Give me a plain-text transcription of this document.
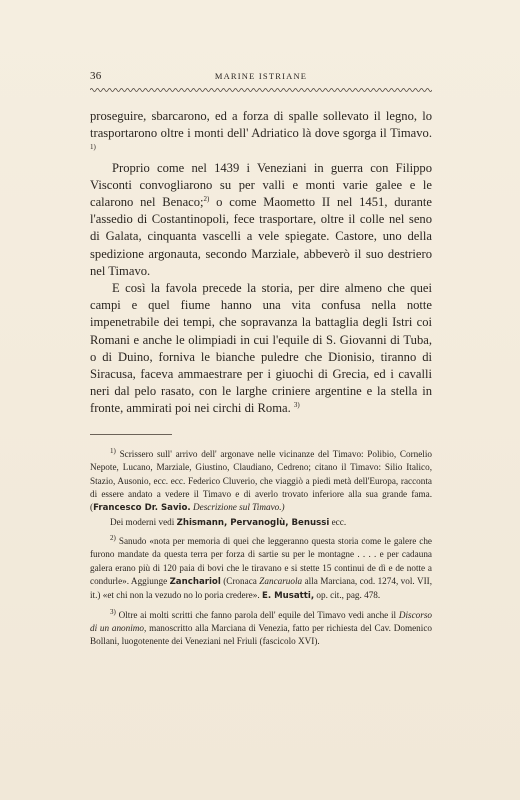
36	MARINE ISTRIANE

proseguire, sbarcarono, ed a forza di spalle sollevato il legno, lo trasportarono oltre i monti dell' Adriatico là dove sgorga il Timavo. $^{1)}$

Proprio come nel 1439 i Veneziani in guerra con Filippo Visconti convogliarono su per valli e monti varie galee e le calarono nel Benaco;$^{2)}$ o come Maometto II nel 1451, durante l'assedio di Costantinopoli, fece trasportare, oltre il colle nel seno di Galata, cinquanta vascelli a vele spiegate. Castore, uno della spedizione argonauta, secondo Marziale, abbeverò il suo destriero nel Timavo.

E così la favola precede la storia, per dire almeno che quei campi e quel fiume hanno una vita confusa nella notte impenetrabile dei tempi, che sopravanza la battaglia degli Istri coi Romani e anche le olimpiadi in cui l'equile di S. Giovanni di Tuba, o di Duino, forniva le bianche puledre che Dionisio, tiranno di Siracusa, faceva ammaestrare per i giuochi di Grecia, ed i cavalli neri dal pelo rasato, con le larghe criniere argentine e la stella in fronte, ammirati poi nei circhi di Roma. $^{3)}$

$^{1)}$ Scrissero sull' arrivo dell' argonave nelle vicinanze del Timavo: Polibio, Cornelio Nepote, Lucano, Marziale, Giustino, Claudiano, Cedreno; citano il Timavo: Silio Italico, Stazio, Ausonio, ecc. ecc. Federico Cluverio, che viaggiò a piedi metà dell'Europa, racconta di essere andato a vedere il Timavo e di averlo trovato inferiore alla sua grande fama. (Francesco Dr. Savio. Descrizione sul Timavo.)

Dei moderni vedi Zhismann, Pervanoglù, Benussi ecc.

$^{2)}$ Sanudo «nota per memoria di quei che leggeranno questa storia come le galere che furono mandate da questa terra per forza di sartie su per le montagne . . . . e per cadauna galera erano più di 120 paia di bovi che le tiravano e si stette 15 continui de dì e de notte a condurle». Aggiunge Zanchariol (Cronaca Zancaruola alla Marciana, cod. 1274, vol. VII, it.) «et chi non la vezudo no lo poria credere». E. Musatti, op. cit., pag. 478.

$^{3)}$ Oltre ai molti scritti che fanno parola dell' equile del Timavo vedi anche il Discorso di un anonimo, manoscritto alla Marciana di Venezia, fatto per richiesta del Cav. Domenico Bollani, luogotenente dei Veneziani nel Friuli (fascicolo XVI).
